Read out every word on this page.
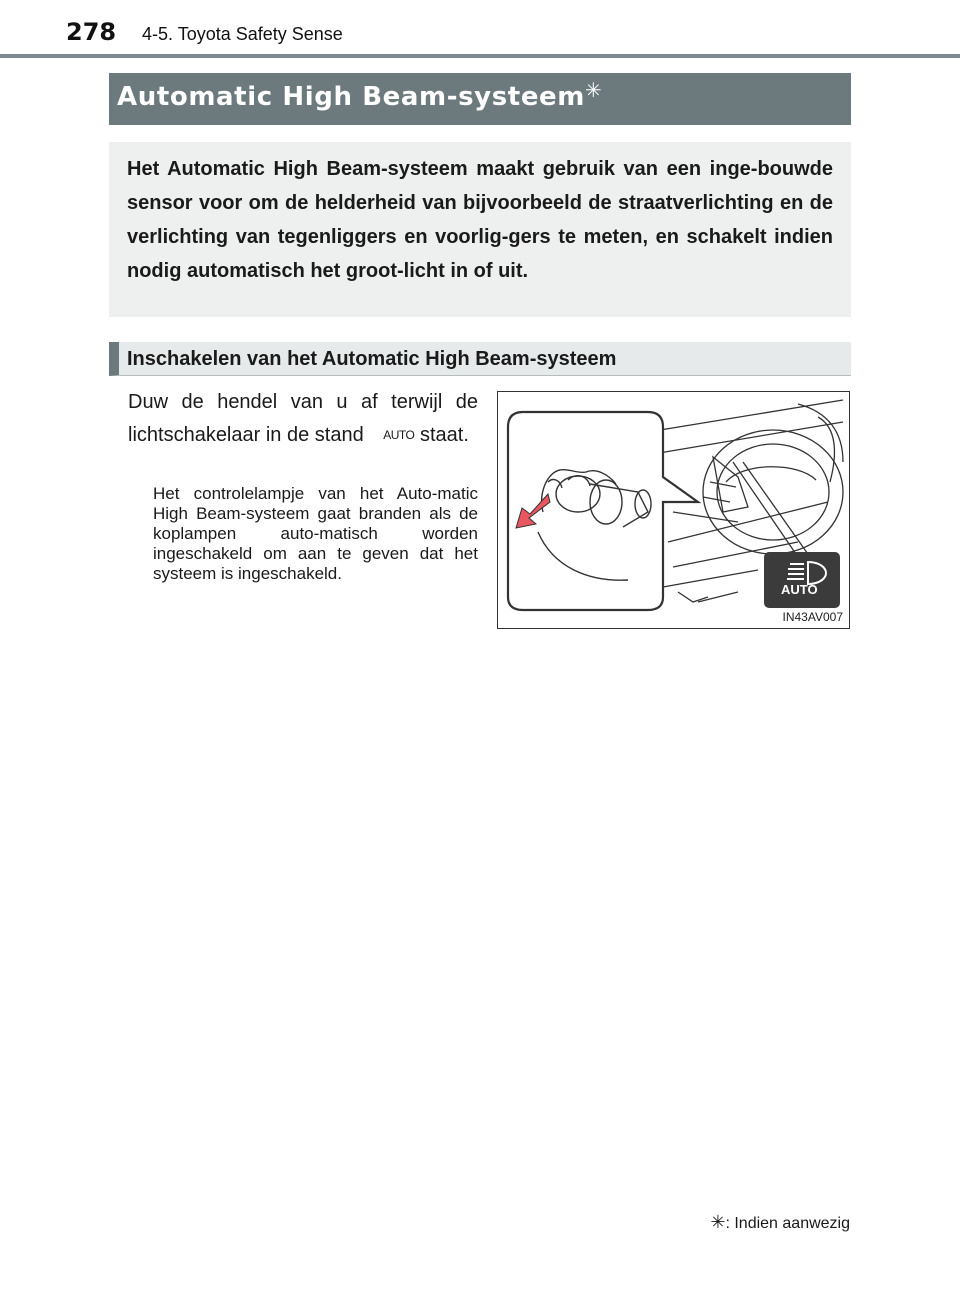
278 4-5. Toyota Safety Sense
Automatic High Beam-systeem ✳

Het Automatic High Beam-systeem maakt gebruik van een inge-bouwde sensor voor om de helderheid van bijvoorbeeld de straatverlichting en de verlichting van tegenliggers en voorlig-gers te meten, en schakelt indien nodig automatisch het groot-licht in of uit.

Inschakelen van het Automatic High Beam-systeem
Duw de hendel van u af terwijl de lichtschakelaar in de stand AUTO staat.
Het controlelampje van het Auto-matic High Beam-systeem gaat branden als de koplampen auto-matisch worden ingeschakeld om aan te geven dat het systeem is ingeschakeld.
AUTO
IN43AV007
✳: Indien aanwezig
